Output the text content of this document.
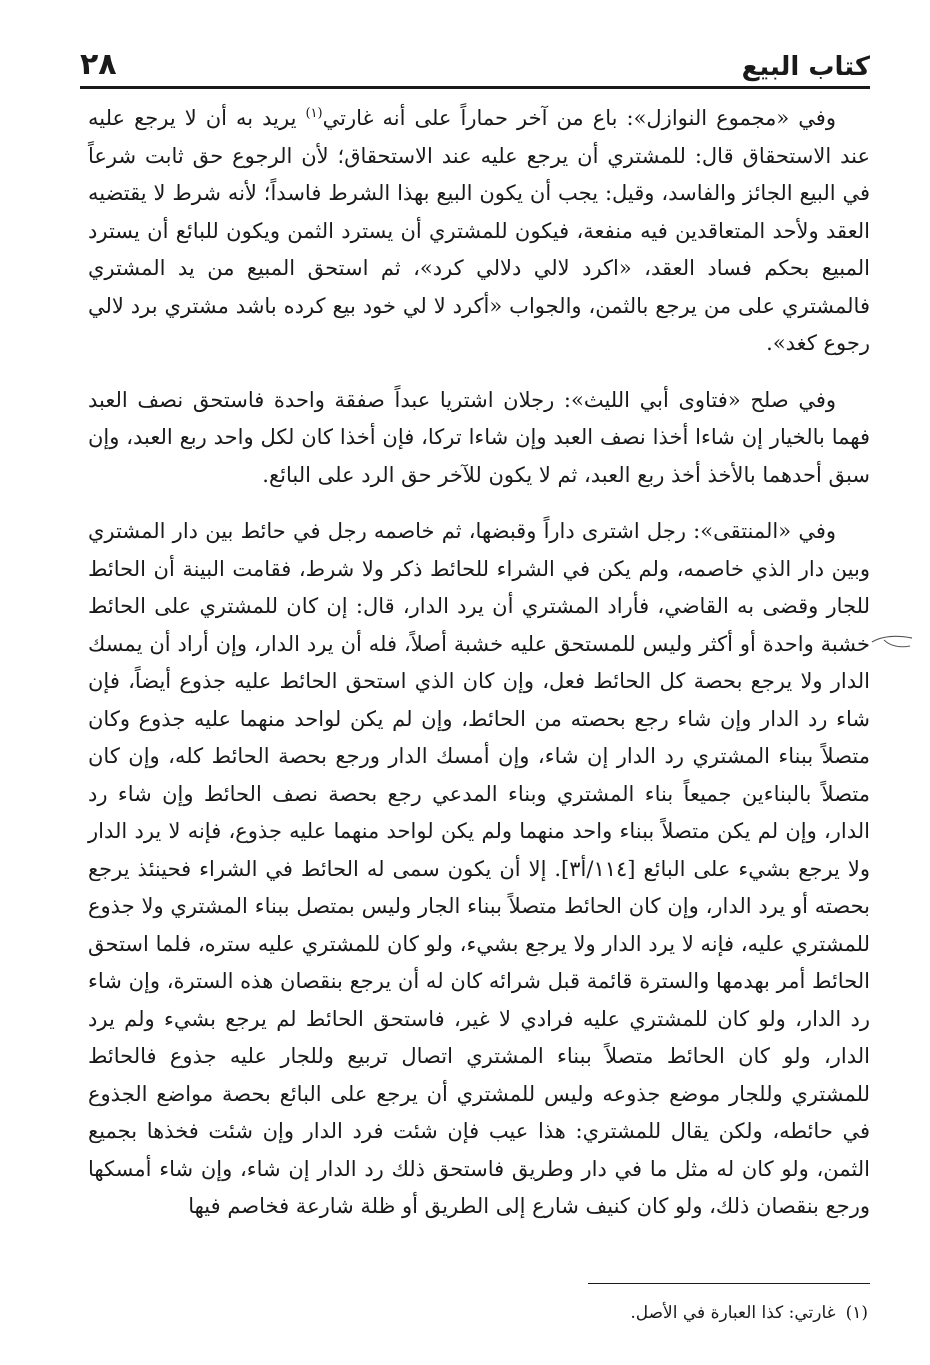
٢٨	كتاب البيع

وفي «مجموع النوازل»: باع من آخر حماراً على أنه غارتي$^{(١)}$ يريد به أن لا يرجع عليه عند الاستحقاق قال: للمشتري أن يرجع عليه عند الاستحقاق؛ لأن الرجوع حق ثابت شرعاً في البيع الجائز والفاسد، وقيل: يجب أن يكون البيع بهذا الشرط فاسداً؛ لأنه شرط لا يقتضيه العقد ولأحد المتعاقدين فيه منفعة، فيكون للمشتري أن يسترد الثمن ويكون للبائع أن يسترد المبيع بحكم فساد العقد، «اكرد لالي دلالي كرد»، ثم استحق المبيع من يد المشتري فالمشتري على من يرجع بالثمن، والجواب «أكرد لا لي خود بيع كرده باشد مشتري برد لالي رجوع كغد».

وفي صلح «فتاوى أبي الليث»: رجلان اشتريا عبداً صفقة واحدة فاستحق نصف العبد فهما بالخيار إن شاءا أخذا نصف العبد وإن شاءا تركا، فإن أخذا كان لكل واحد ربع العبد، وإن سبق أحدهما بالأخذ أخذ ربع العبد، ثم لا يكون للآخر حق الرد على البائع.

وفي «المنتقى»: رجل اشترى داراً وقبضها، ثم خاصمه رجل في حائط بين دار المشتري وبين دار الذي خاصمه، ولم يكن في الشراء للحائط ذكر ولا شرط، فقامت البينة أن الحائط للجار وقضى به القاضي، فأراد المشتري أن يرد الدار، قال: إن كان للمشتري على الحائط خشبة واحدة أو أكثر وليس للمستحق عليه خشبة أصلاً، فله أن يرد الدار، وإن أراد أن يمسك الدار ولا يرجع بحصة كل الحائط فعل، وإن كان الذي استحق الحائط عليه جذوع أيضاً، فإن شاء رد الدار وإن شاء رجع بحصته من الحائط، وإن لم يكن لواحد منهما عليه جذوع وكان متصلاً ببناء المشتري رد الدار إن شاء، وإن أمسك الدار ورجع بحصة الحائط كله، وإن كان متصلاً بالبناءين جميعاً بناء المشتري وبناء المدعي رجع بحصة نصف الحائط وإن شاء رد الدار، وإن لم يكن متصلاً ببناء واحد منهما ولم يكن لواحد منهما عليه جذوع، فإنه لا يرد الدار ولا يرجع بشيء على البائع [١١٤/أ٣]. إلا أن يكون سمى له الحائط في الشراء فحينئذ يرجع بحصته أو يرد الدار، وإن كان الحائط متصلاً ببناء الجار وليس بمتصل ببناء المشتري ولا جذوع للمشتري عليه، فإنه لا يرد الدار ولا يرجع بشيء، ولو كان للمشتري عليه ستره، فلما استحق الحائط أمر بهدمها والسترة قائمة قبل شرائه كان له أن يرجع بنقصان هذه السترة، وإن شاء رد الدار، ولو كان للمشتري عليه فرادي لا غير، فاستحق الحائط لم يرجع بشيء ولم يرد الدار، ولو كان الحائط متصلاً ببناء المشتري اتصال تربيع وللجار عليه جذوع فالحائط للمشتري وللجار موضع جذوعه وليس للمشتري أن يرجع على البائع بحصة مواضع الجذوع في حائطه، ولكن يقال للمشتري: هذا عيب فإن شئت فرد الدار وإن شئت فخذها بجميع الثمن، ولو كان له مثل ما في دار وطريق فاستحق ذلك رد الدار إن شاء، وإن شاء أمسكها ورجع بنقصان ذلك، ولو كان كنيف شارع إلى الطريق أو ظلة شارعة فخاصم فيها

(١)غارتي: كذا العبارة في الأصل.
